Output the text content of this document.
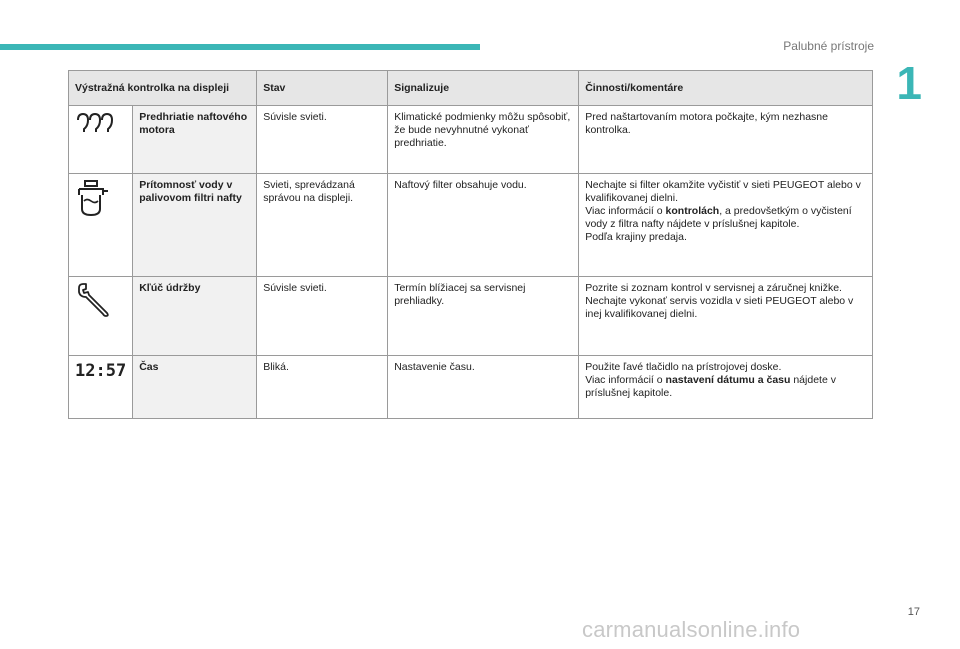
Palubné prístroje
1
Výstražná kontrolka na displeji		Stav	Signalizuje	Činnosti/komentáre

	Predhriatie naftového motora	Súvisle svieti.	Klimatické podmienky môžu spôsobiť, že bude nevyhnutné vykonať predhriatie.	Pred naštartovaním motora počkajte, kým nezhasne kontrolka.

	Prítomnosť vody v palivovom filtri nafty	Svieti, sprevádzaná správou na displeji.	Naftový filter obsahuje vodu.	Nechajte si filter okamžite vyčistiť v sieti PEUGEOT alebo v kvalifikovanej dielni.
Viac informácií o kontrolách, a predovšetkým o vyčistení vody z filtra nafty nájdete v príslušnej kapitole.
Podľa krajiny predaja.

	Kľúč údržby	Súvisle svieti.	Termín blížiacej sa servisnej prehliadky.	Pozrite si zoznam kontrol v servisnej a záručnej knižke.
Nechajte vykonať servis vozidla v sieti PEUGEOT alebo v inej kvalifikovanej dielni.

12:57	Čas	Bliká.	Nastavenie času.	Použite ľavé tlačidlo na prístrojovej doske.
Viac informácií o nastavení dátumu a času nájdete v príslušnej kapitole.
17
carmanualsonline.info
